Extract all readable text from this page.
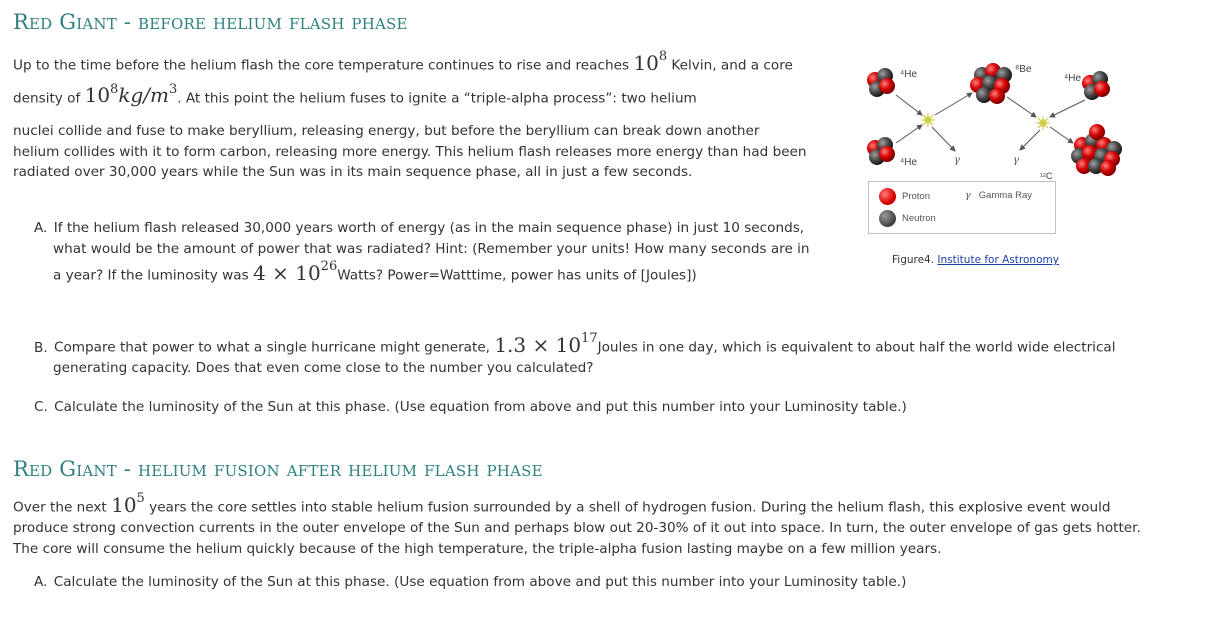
Red Giant - before helium flash phase

Up to the time before the helium flash the core temperature continues to rise and reaches $10^8$ Kelvin, and a core density of $10^8kg/m^3$. At this point the helium fuses to ignite a “triple-alpha process”: two helium

nuclei collide and fuse to make beryllium, releasing energy, but before the beryllium can break down another helium collides with it to form carbon, releasing more energy. This helium flash releases more energy than had been radiated over 30,000 years while the Sun was in its main sequence phase, all in just a few seconds.

A. If the helium flash released 30,000 years worth of energy (as in the main sequence phase) in just 10 seconds, what would be the amount of power that was radiated? Hint: (Remember your units! How many seconds are in a year? If the luminosity was $4 \times 10^{26}Watts$? Power=Watttime, power has units of [Joules])

B. Compare that power to what a single hurricane might generate, $1.3 \times 10^{17}Joules$ in one day, which is equivalent to about half the world wide electrical generating capacity. Does that even come close to the number you calculated?

C. Calculate the luminosity of the Sun at this phase. (Use equation from above and put this number into your Luminosity table.)

⁴He
⁴He
⁸Be
⁴He
¹²C
γ	γ
Proton
Neutron
γ Gamma Ray
Figure4. Institute for Astronomy
Red Giant - helium fusion after helium flash phase

Over the next $10^5$ years the core settles into stable helium fusion surrounded by a shell of hydrogen fusion. During the helium flash, this explosive event would produce strong convection currents in the outer envelope of the Sun and perhaps blow out 20-30% of it out into space. In turn, the outer envelope of gas gets hotter. The core will consume the helium quickly because of the high temperature, the triple-alpha fusion lasting maybe on a few million years.

A. Calculate the luminosity of the Sun at this phase. (Use equation from above and put this number into your Luminosity table.)
